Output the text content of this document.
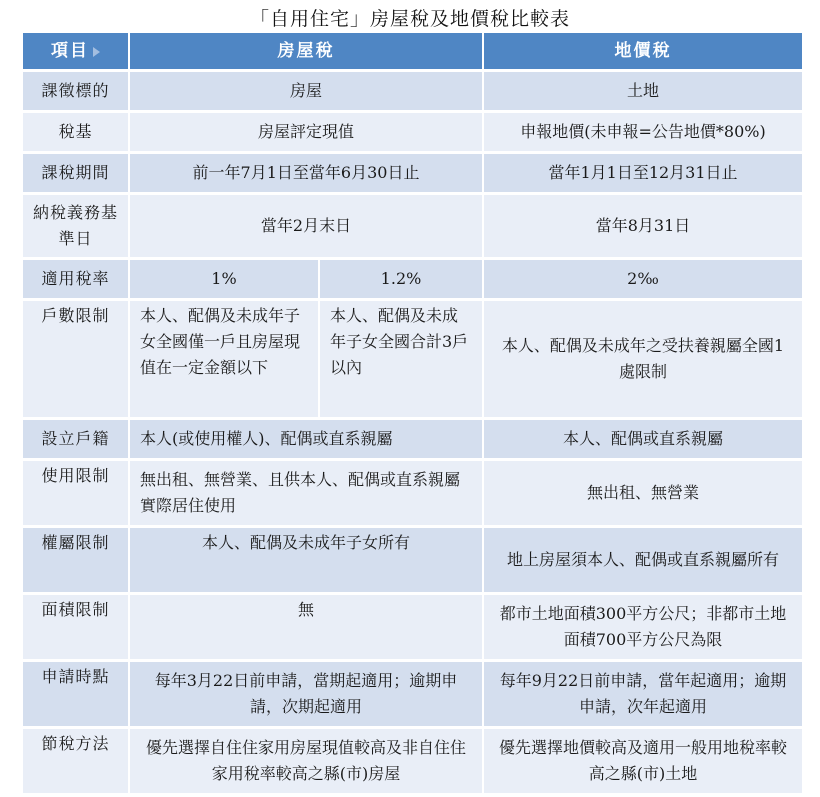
「自用住宅」房屋稅及地價稅比較表
項目	房屋稅		地價稅
課徵標的	房屋		土地
稅基	房屋評定現值		申報地價(未申報=公告地價*80%)
課稅期間	前一年7月1日至當年6月30日止		當年1月1日至12月31日止
納稅義務基準日	當年2月末日		當年8月31日
適用稅率	1%	1.2%	2‰
戶數限制	本人、配偶及未成年子女全國僅一戶且房屋現值在一定金額以下	本人、配偶及未成年子女全國合計3戶以內	本人、配偶及未成年之受扶養親屬全國1處限制
設立戶籍	本人(或使用權人)、配偶或直系親屬		本人、配偶或直系親屬
使用限制	無出租、無營業、且供本人、配偶或直系親屬實際居住使用		無出租、無營業
權屬限制	本人、配偶及未成年子女所有		地上房屋須本人、配偶或直系親屬所有
面積限制	無		都市土地面積300平方公尺；非都市土地面積700平方公尺為限
申請時點	每年3月22日前申請，當期起適用；逾期申請，次期起適用		每年9月22日前申請，當年起適用；逾期申請，次年起適用
節稅方法	優先選擇自住住家用房屋現值較高及非自住住家用稅率較高之縣(市)房屋		優先選擇地價較高及適用一般用地稅率較高之縣(市)土地
